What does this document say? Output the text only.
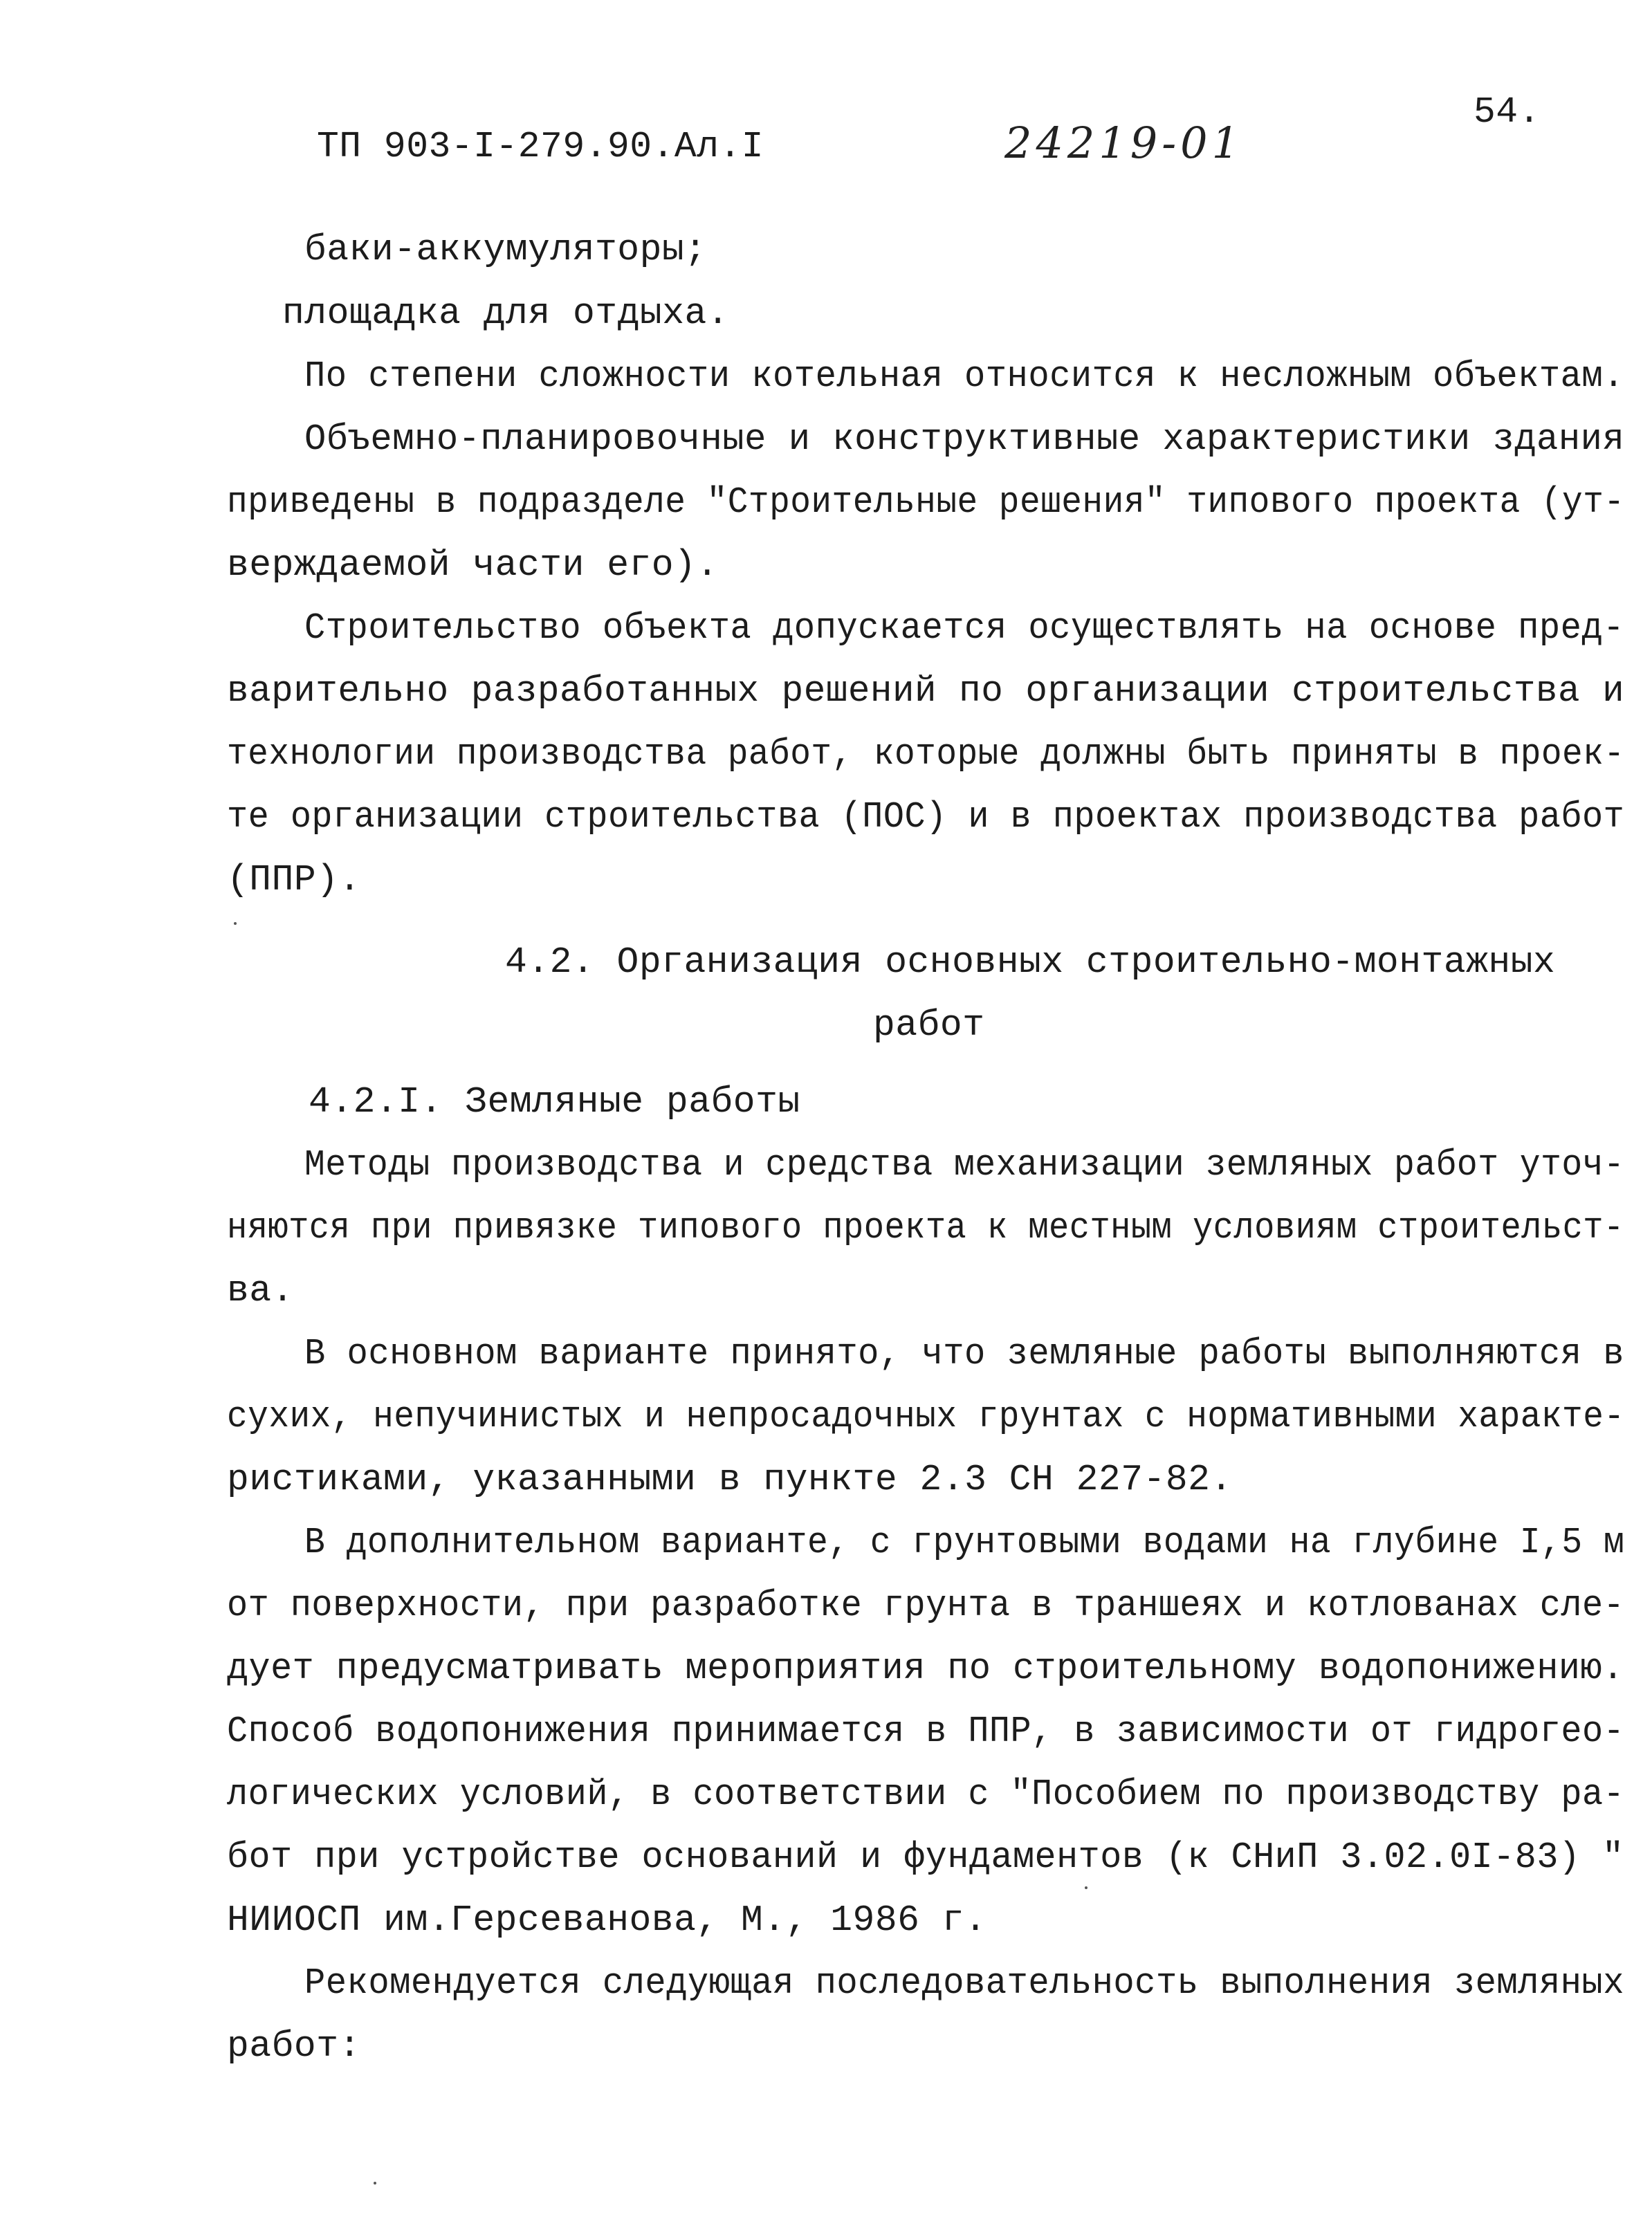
ТП 903-I-279.90.Ал.I	24219-01
54.
баки-аккумуляторы;
площадка для отдыха.
По степени сложности котельная относится к несложным объектам.
Объемно-планировочные и конструктивные характеристики здания
приведены в подразделе "Строительные решения" типового проекта (ут-
верждаемой части его).
Строительство объекта допускается осуществлять на основе пред-
варительно разработанных решений по организации строительства и
технологии производства работ, которые должны быть приняты в проек-
те организации строительства (ПОС) и в проектах производства работ
(ППР).
4.2. Организация основных строительно-монтажных
работ
4.2.I. Земляные работы
Методы производства и средства механизации земляных работ уточ-
няются при привязке типового проекта к местным условиям строительст-
ва.
В основном варианте принято, что земляные работы выполняются в
сухих, непучинистых и непросадочных грунтах с нормативными характе-
ристиками, указанными в пункте 2.3 СН 227-82.
В дополнительном варианте, с грунтовыми водами на глубине I,5 м
от поверхности, при разработке грунта в траншеях и котлованах сле-
дует предусматривать мероприятия по строительному водопонижению.
Способ водопонижения принимается в ППР, в зависимости от гидрогео-
логических условий, в соответствии с "Пособием по производству ра-
бот при устройстве оснований и фундаментов (к СНиП 3.02.0I-83) "
НИИОСП им.Герсеванова, М., 1986 г.
Рекомендуется следующая последовательность выполнения земляных
работ:
